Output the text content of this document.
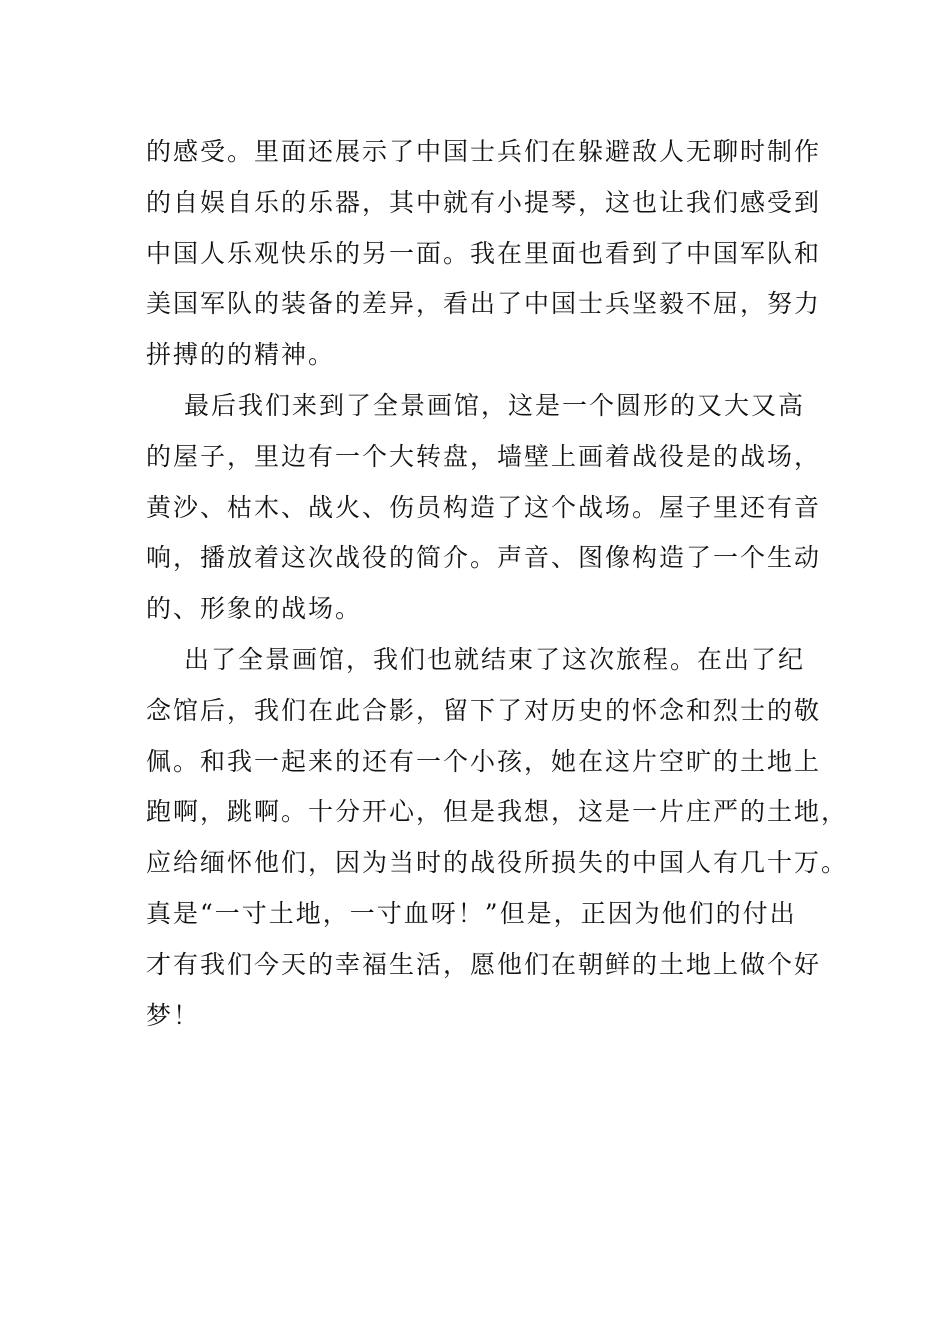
的感受。里面还展示了中国士兵们在躲避敌人无聊时制作
的自娱自乐的乐器，其中就有小提琴，这也让我们感受到
中国人乐观快乐的另一面。我在里面也看到了中国军队和
美国军队的装备的差异，看出了中国士兵坚毅不屈，努力
拼搏的的精神。
最后我们来到了全景画馆，这是一个圆形的又大又高
的屋子，里边有一个大转盘，墙壁上画着战役是的战场，
黄沙、枯木、战火、伤员构造了这个战场。屋子里还有音
响，播放着这次战役的简介。声音、图像构造了一个生动
的、形象的战场。
出了全景画馆，我们也就结束了这次旅程。在出了纪
念馆后，我们在此合影，留下了对历史的怀念和烈士的敬
佩。和我一起来的还有一个小孩，她在这片空旷的土地上
跑啊，跳啊。十分开心，但是我想，这是一片庄严的土地，
应给缅怀他们，因为当时的战役所损失的中国人有几十万。
真是“一寸土地，一寸血呀！”但是，正因为他们的付出
才有我们今天的幸福生活，愿他们在朝鲜的土地上做个好
梦！
